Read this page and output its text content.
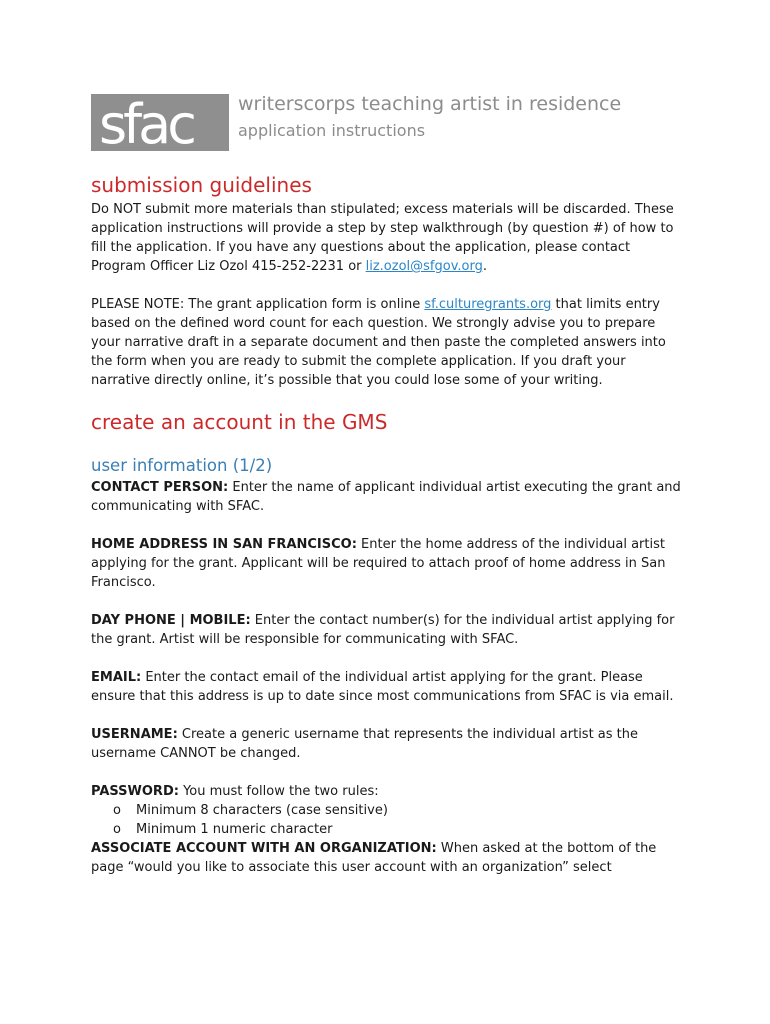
sfac writerscorps teaching artist in residence
application instructions
submission guidelines

Do NOT submit more materials than stipulated; excess materials will be discarded. These application instructions will provide a step by step walkthrough (by question #) of how to fill the application. If you have any questions about the application, please contact Program Officer Liz Ozol 415-252-2231 or liz.ozol@sfgov.org.

PLEASE NOTE: The grant application form is online sf.culturegrants.org that limits entry based on the defined word count for each question. We strongly advise you to prepare your narrative draft in a separate document and then paste the completed answers into the form when you are ready to submit the complete application. If you draft your narrative directly online, it’s possible that you could lose some of your writing.

create an account in the GMS
user information (1/2)

CONTACT PERSON: Enter the name of applicant individual artist executing the grant and communicating with SFAC.

HOME ADDRESS IN SAN FRANCISCO: Enter the home address of the individual artist applying for the grant. Applicant will be required to attach proof of home address in San Francisco.

DAY PHONE | MOBILE: Enter the contact number(s) for the individual artist applying for the grant. Artist will be responsible for communicating with SFAC.

EMAIL: Enter the contact email of the individual artist applying for the grant. Please ensure that this address is up to date since most communications from SFAC is via email.

USERNAME: Create a generic username that represents the individual artist as the username CANNOT be changed.

PASSWORD: You must follow the two rules:

o Minimum 8 characters (case sensitive)
o Minimum 1 numeric character

ASSOCIATE ACCOUNT WITH AN ORGANIZATION: When asked at the bottom of the page “would you like to associate this user account with an organization” select
